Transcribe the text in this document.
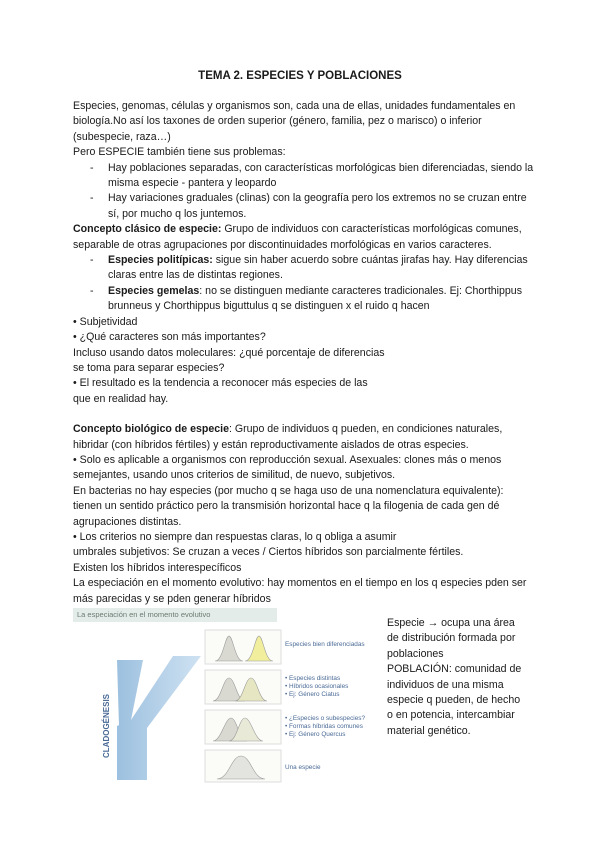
TEMA 2. ESPECIES Y POBLACIONES

Especies, genomas, células y organismos son, cada una de ellas, unidades fundamentales en biología.No así los taxones de orden superior (género, familia, pez o marisco) o inferior (subespecie, raza…)

Pero ESPECIE también tiene sus problemas:

- Hay poblaciones separadas, con características morfológicas bien diferenciadas, siendo la misma especie - pantera y leopardo

- Hay variaciones graduales (clinas) con la geografía pero los extremos no se cruzan entre sí, por mucho q los juntemos.

Concepto clásico de especie: Grupo de individuos con características morfológicas comunes, separable de otras agrupaciones por discontinuidades morfológicas en varios caracteres.

- Especies politípicas: sigue sin haber acuerdo sobre cuántas jirafas hay. Hay diferencias claras entre las de distintas regiones.

- Especies gemelas: no se distinguen mediante caracteres tradicionales. Ej: Chorthippus brunneus y Chorthippus biguttulus q se distinguen x el ruido q hacen

• Subjetividad

• ¿Qué caracteres son más importantes?

Incluso usando datos moleculares: ¿qué porcentaje de diferencias

se toma para separar especies?

• El resultado es la tendencia a reconocer más especies de las

que en realidad hay.

Concepto biológico de especie: Grupo de individuos q pueden, en condiciones naturales, hibridar (con híbridos fértiles) y están reproductivamente aislados de otras especies.

• Solo es aplicable a organismos con reproducción sexual. Asexuales: clones más o menos semejantes, usando unos criterios de similitud, de nuevo, subjetivos.

En bacterias no hay especies (por mucho q se haga uso de una nomenclatura equivalente): tienen un sentido práctico pero la transmisión horizontal hace q la filogenia de cada gen dé agrupaciones distintas.

• Los criterios no siempre dan respuestas claras, lo q obliga a asumir

umbrales subjetivos: Se cruzan a veces / Ciertos híbridos son parcialmente fértiles.

Existen los híbridos interespecíficos

La especiación en el momento evolutivo: hay momentos en el tiempo en los q especies pden ser más parecidas y se pden generar híbridos

La especiación en el momento evolutivo
CLADOGÉNESIS
Especies bien diferenciadas
• Especies distintas
• Híbridos ocasionales
• Ej: Género Ciatus
• ¿Especies o subespecies?
• Formas híbridas comunes
• Ej: Género Quercus
Una especie

Especie → ocupa una área de distribución formada por poblaciones

POBLACIÓN: comunidad de individuos de una misma especie q pueden, de hecho o en potencia, intercambiar material genético.
